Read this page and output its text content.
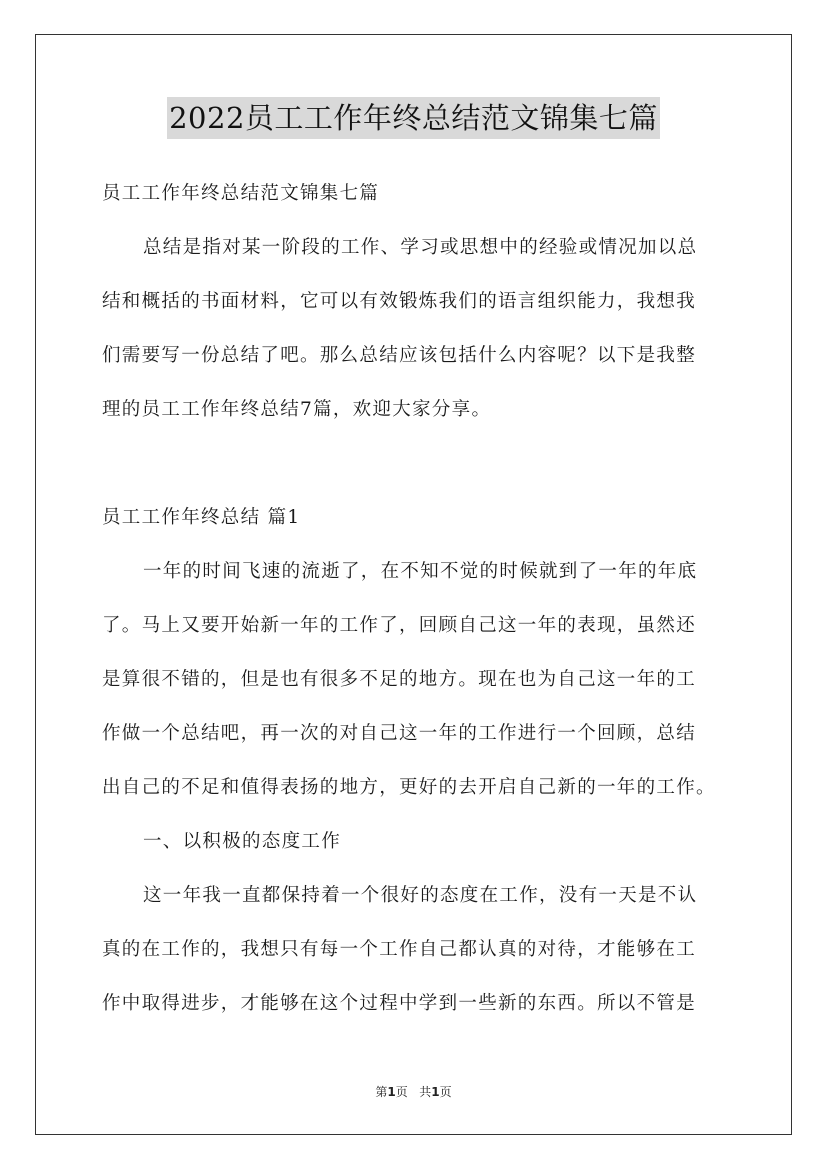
2022员工工作年终总结范文锦集七篇
员工工作年终总结范文锦集七篇
总结是指对某一阶段的工作、学习或思想中的经验或情况加以总
结和概括的书面材料，它可以有效锻炼我们的语言组织能力，我想我
们需要写一份总结了吧。那么总结应该包括什么内容呢？以下是我整
理的员工工作年终总结7篇，欢迎大家分享。
员工工作年终总结 篇1
一年的时间飞速的流逝了，在不知不觉的时候就到了一年的年底
了。马上又要开始新一年的工作了，回顾自己这一年的表现，虽然还
是算很不错的，但是也有很多不足的地方。现在也为自己这一年的工
作做一个总结吧，再一次的对自己这一年的工作进行一个回顾，总结
出自己的不足和值得表扬的地方，更好的去开启自己新的一年的工作。
一、以积极的态度工作
这一年我一直都保持着一个很好的态度在工作，没有一天是不认
真的在工作的，我想只有每一个工作自己都认真的对待，才能够在工
作中取得进步，才能够在这个过程中学到一些新的东西。所以不管是
第1页 共1页
